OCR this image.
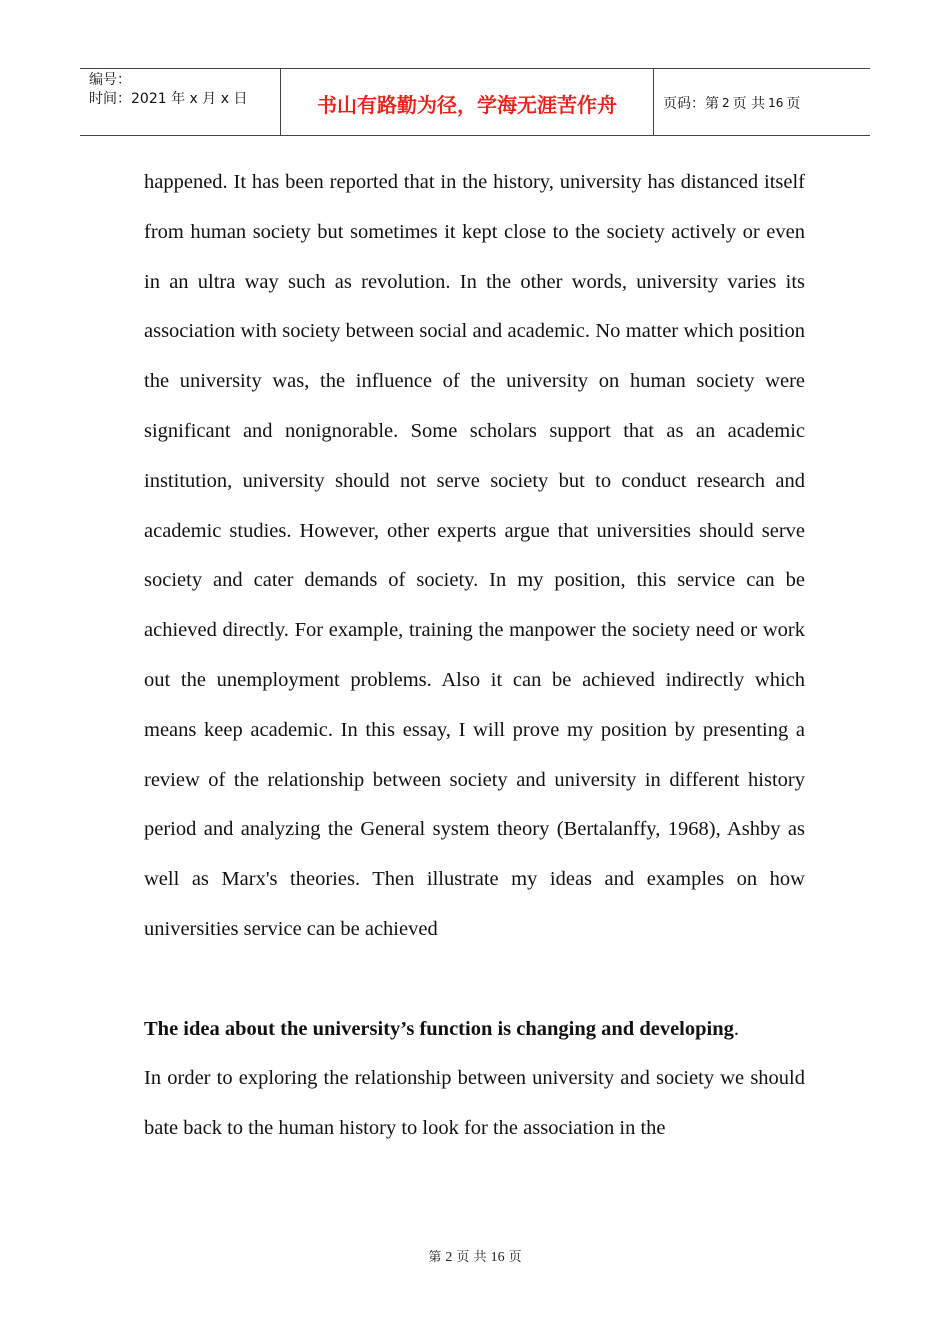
编号：
时间：2021 年 x 月 x 日	书山有路勤为径，学海无涯苦作舟	页码：第 2 页 共 16 页

happened. It has been reported that in the history, university has distanced itself from human society but sometimes it kept close to the society actively or even in an ultra way such as revolution. In the other words, university varies its association with society between social and academic. No matter which position the university was, the influence of the university on human society were significant and nonignorable. Some scholars support that as an academic institution, university should not serve society but to conduct research and academic studies. However, other experts argue that universities should serve society and cater demands of society. In my position, this service can be achieved directly. For example, training the manpower the society need or work out the unemployment problems. Also it can be achieved indirectly which means keep academic. In this essay, I will prove my position by presenting a review of the relationship between society and university in different history period and analyzing the General system theory (Bertalanffy, 1968), Ashby as well as Marx's theories. Then illustrate my ideas and examples on how universities service can be achieved

The idea about the university’s function is changing and developing.

In order to exploring the relationship between university and society we should bate back to the human history to look for the association in the

第 2 页 共 16 页
